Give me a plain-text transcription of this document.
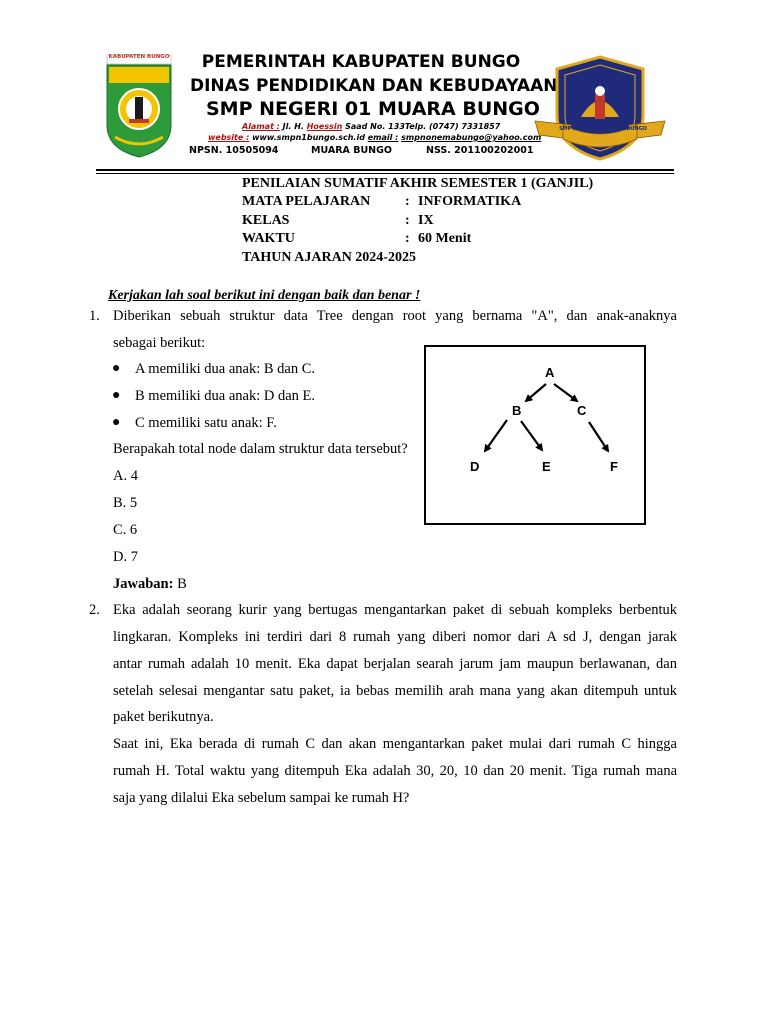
KABUPATEN BUNGO	PEMERINTAH KABUPATEN BUNGO
DINAS PENDIDIKAN DAN KEBUDAYAAN
SMP NEGERI 01 MUARA BUNGO
Alamat : Jl. H. Hoessin Saad No. 133Telp. (0747) 7331857
website : www.smpn1bungo.sch.id email : smpnonemabungo@yahoo.com
NPSN. 10505094	MUARA BUNGO	NSS. 201100202001
SMP NEGERI 01 MUARA BUNGO
PENILAIAN SUMATIF AKHIR SEMESTER 1 (GANJIL)
MATA PELAJARAN : INFORMATIKA
KELAS	: IX
WAKTU	: 60 Menit
TAHUN AJARAN 2024-2025
Kerjakan lah soal berikut ini dengan baik dan benar !
1. Diberikan sebuah struktur data Tree dengan root yang bernama "A", dan anak-anaknya
sebagai berikut:
● A memiliki dua anak: B dan C.
● B memiliki dua anak: D dan E.
● C memiliki satu anak: F.
Berapakah total node dalam struktur data tersebut?
A. 4
B. 5
C. 6
D. 7
Jawaban: B
A
B	C
D	E	F
2. Eka adalah seorang kurir yang bertugas mengantarkan paket di sebuah kompleks berbentuk
lingkaran. Kompleks ini terdiri dari 8 rumah yang diberi nomor dari A sd J, dengan jarak
antar rumah adalah 10 menit. Eka dapat berjalan searah jarum jam maupun berlawanan, dan
setelah selesai mengantar satu paket, ia bebas memilih arah mana yang akan ditempuh untuk
paket berikutnya.
Saat ini, Eka berada di rumah C dan akan mengantarkan paket mulai dari rumah C hingga
rumah H. Total waktu yang ditempuh Eka adalah 30, 20, 10 dan 20 menit. Tiga rumah mana
saja yang dilalui Eka sebelum sampai ke rumah H?
